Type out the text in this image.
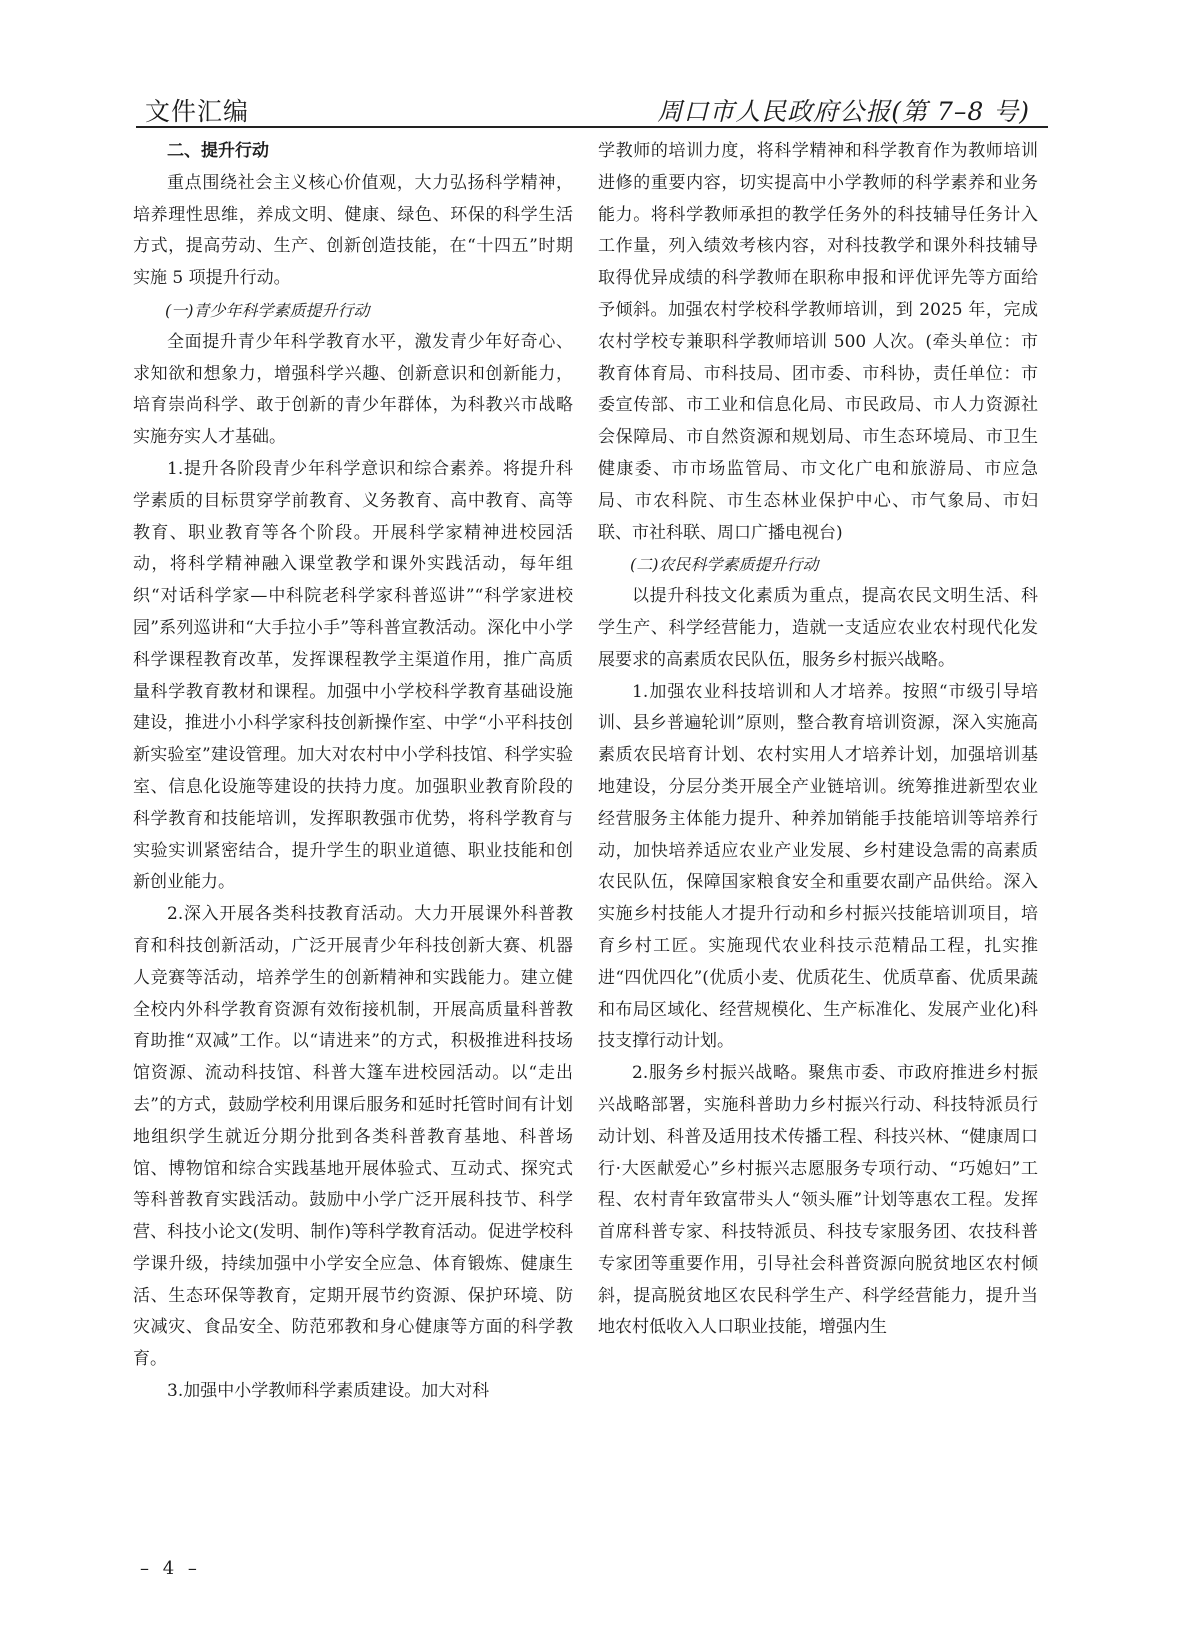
文件汇编	周口市人民政府公报(第 7–8 号)
二、提升行动

重点围绕社会主义核心价值观，大力弘扬科学精神，培养理性思维，养成文明、健康、绿色、环保的科学生活方式，提高劳动、生产、创新创造技能，在“十四五”时期实施 5 项提升行动。

(一)青少年科学素质提升行动

全面提升青少年科学教育水平，激发青少年好奇心、求知欲和想象力，增强科学兴趣、创新意识和创新能力，培育崇尚科学、敢于创新的青少年群体，为科教兴市战略实施夯实人才基础。

1.提升各阶段青少年科学意识和综合素养。将提升科学素质的目标贯穿学前教育、义务教育、高中教育、高等教育、职业教育等各个阶段。开展科学家精神进校园活动，将科学精神融入课堂教学和课外实践活动，每年组织“对话科学家—中科院老科学家科普巡讲”“科学家进校园”系列巡讲和“大手拉小手”等科普宣教活动。深化中小学科学课程教育改革，发挥课程教学主渠道作用，推广高质量科学教育教材和课程。加强中小学校科学教育基础设施建设，推进小小科学家科技创新操作室、中学“小平科技创新实验室”建设管理。加大对农村中小学科技馆、科学实验室、信息化设施等建设的扶持力度。加强职业教育阶段的科学教育和技能培训，发挥职教强市优势，将科学教育与实验实训紧密结合，提升学生的职业道德、职业技能和创新创业能力。

2.深入开展各类科技教育活动。大力开展课外科普教育和科技创新活动，广泛开展青少年科技创新大赛、机器人竞赛等活动，培养学生的创新精神和实践能力。建立健全校内外科学教育资源有效衔接机制，开展高质量科普教育助推“双减”工作。以“请进来”的方式，积极推进科技场馆资源、流动科技馆、科普大篷车进校园活动。以“走出去”的方式，鼓励学校利用课后服务和延时托管时间有计划地组织学生就近分期分批到各类科普教育基地、科普场馆、博物馆和综合实践基地开展体验式、互动式、探究式等科普教育实践活动。鼓励中小学广泛开展科技节、科学营、科技小论文(发明、制作)等科学教育活动。促进学校科学课升级，持续加强中小学安全应急、体育锻炼、健康生活、生态环保等教育，定期开展节约资源、保护环境、防灾减灾、食品安全、防范邪教和身心健康等方面的科学教育。

3.加强中小学教师科学素质建设。加大对科

学教师的培训力度，将科学精神和科学教育作为教师培训进修的重要内容，切实提高中小学教师的科学素养和业务能力。将科学教师承担的教学任务外的科技辅导任务计入工作量，列入绩效考核内容，对科技教学和课外科技辅导取得优异成绩的科学教师在职称申报和评优评先等方面给予倾斜。加强农村学校科学教师培训，到 2025 年，完成农村学校专兼职科学教师培训 500 人次。(牵头单位：市教育体育局、市科技局、团市委、市科协，责任单位：市委宣传部、市工业和信息化局、市民政局、市人力资源社会保障局、市自然资源和规划局、市生态环境局、市卫生健康委、市市场监管局、市文化广电和旅游局、市应急局、市农科院、市生态林业保护中心、市气象局、市妇联、市社科联、周口广播电视台)

(二)农民科学素质提升行动

以提升科技文化素质为重点，提高农民文明生活、科学生产、科学经营能力，造就一支适应农业农村现代化发展要求的高素质农民队伍，服务乡村振兴战略。

1.加强农业科技培训和人才培养。按照“市级引导培训、县乡普遍轮训”原则，整合教育培训资源，深入实施高素质农民培育计划、农村实用人才培养计划，加强培训基地建设，分层分类开展全产业链培训。统筹推进新型农业经营服务主体能力提升、种养加销能手技能培训等培养行动，加快培养适应农业产业发展、乡村建设急需的高素质农民队伍，保障国家粮食安全和重要农副产品供给。深入实施乡村技能人才提升行动和乡村振兴技能培训项目，培育乡村工匠。实施现代农业科技示范精品工程，扎实推进“四优四化”(优质小麦、优质花生、优质草畜、优质果蔬和布局区域化、经营规模化、生产标准化、发展产业化)科技支撑行动计划。

2.服务乡村振兴战略。聚焦市委、市政府推进乡村振兴战略部署，实施科普助力乡村振兴行动、科技特派员行动计划、科普及适用技术传播工程、科技兴林、“健康周口行·大医献爱心”乡村振兴志愿服务专项行动、“巧媳妇”工程、农村青年致富带头人“领头雁”计划等惠农工程。发挥首席科普专家、科技特派员、科技专家服务团、农技科普专家团等重要作用，引导社会科普资源向脱贫地区农村倾斜，提高脱贫地区农民科学生产、科学经营能力，提升当地农村低收入人口职业技能，增强内生

– 4 –
